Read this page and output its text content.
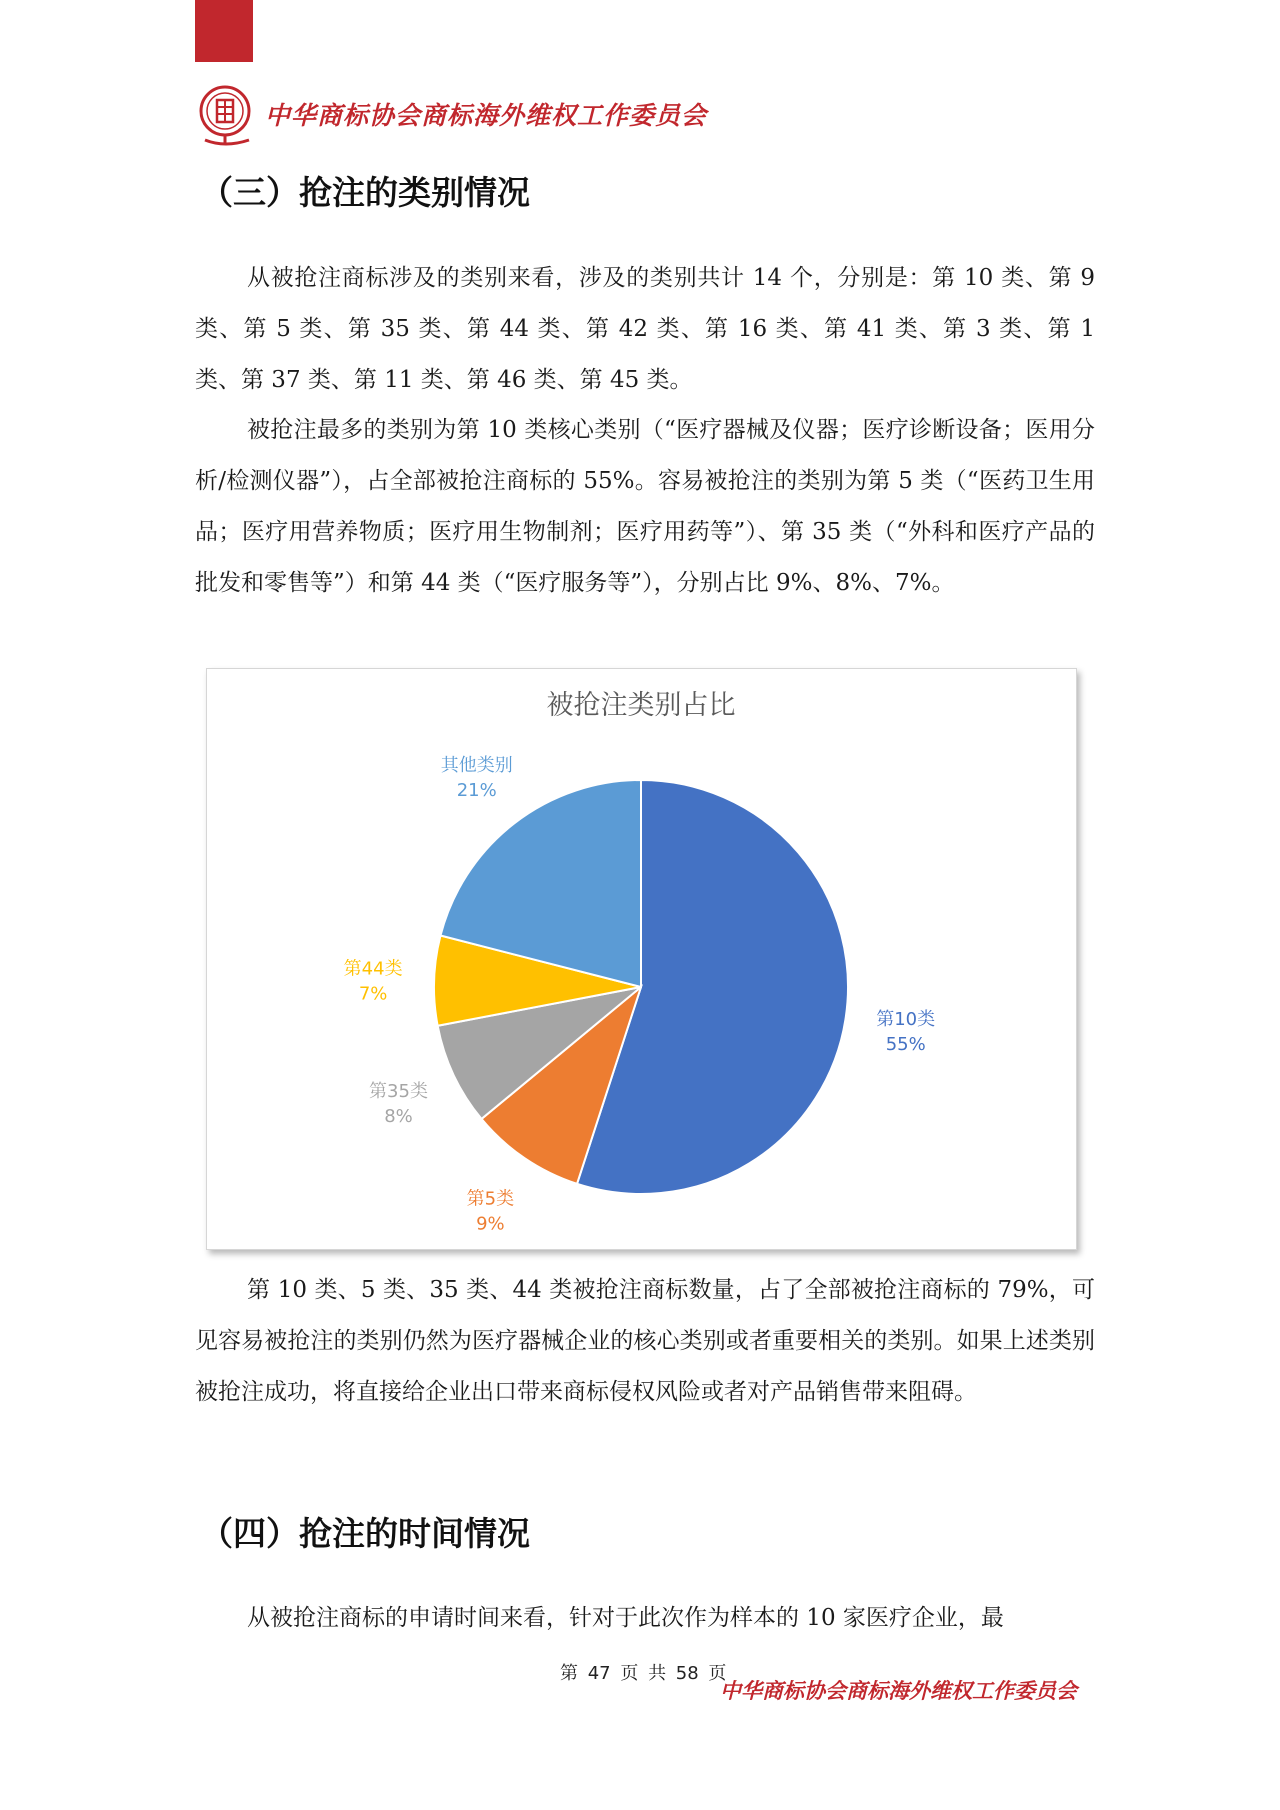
中华商标协会商标海外维权工作委员会
（三）抢注的类别情况

从被抢注商标涉及的类别来看，涉及的类别共计 14 个，分别是：第 10 类、第 9 类、第 5 类、第 35 类、第 44 类、第 42 类、第 16 类、第 41 类、第 3 类、第 1 类、第 37 类、第 11 类、第 46 类、第 45 类。

被抢注最多的类别为第 10 类核心类别（“医疗器械及仪器；医疗诊断设备；医用分析/检测仪器”），占全部被抢注商标的 55%。容易被抢注的类别为第 5 类（“医药卫生用品；医疗用营养物质；医疗用生物制剂；医疗用药等”）、第 35 类（“外科和医疗产品的批发和零售等”）和第 44 类（“医疗服务等”），分别占比 9%、8%、7%。

被抢注类别占比
第10类
55%
第5类
9%
第35类
8%
第44类
7%
其他类别
21%

第 10 类、5 类、35 类、44 类被抢注商标数量，占了全部被抢注商标的 79%，可见容易被抢注的类别仍然为医疗器械企业的核心类别或者重要相关的类别。如果上述类别被抢注成功，将直接给企业出口带来商标侵权风险或者对产品销售带来阻碍。

（四）抢注的时间情况

从被抢注商标的申请时间来看，针对于此次作为样本的 10 家医疗企业，最

第 47 页 共 58 页
中华商标协会商标海外维权工作委员会
